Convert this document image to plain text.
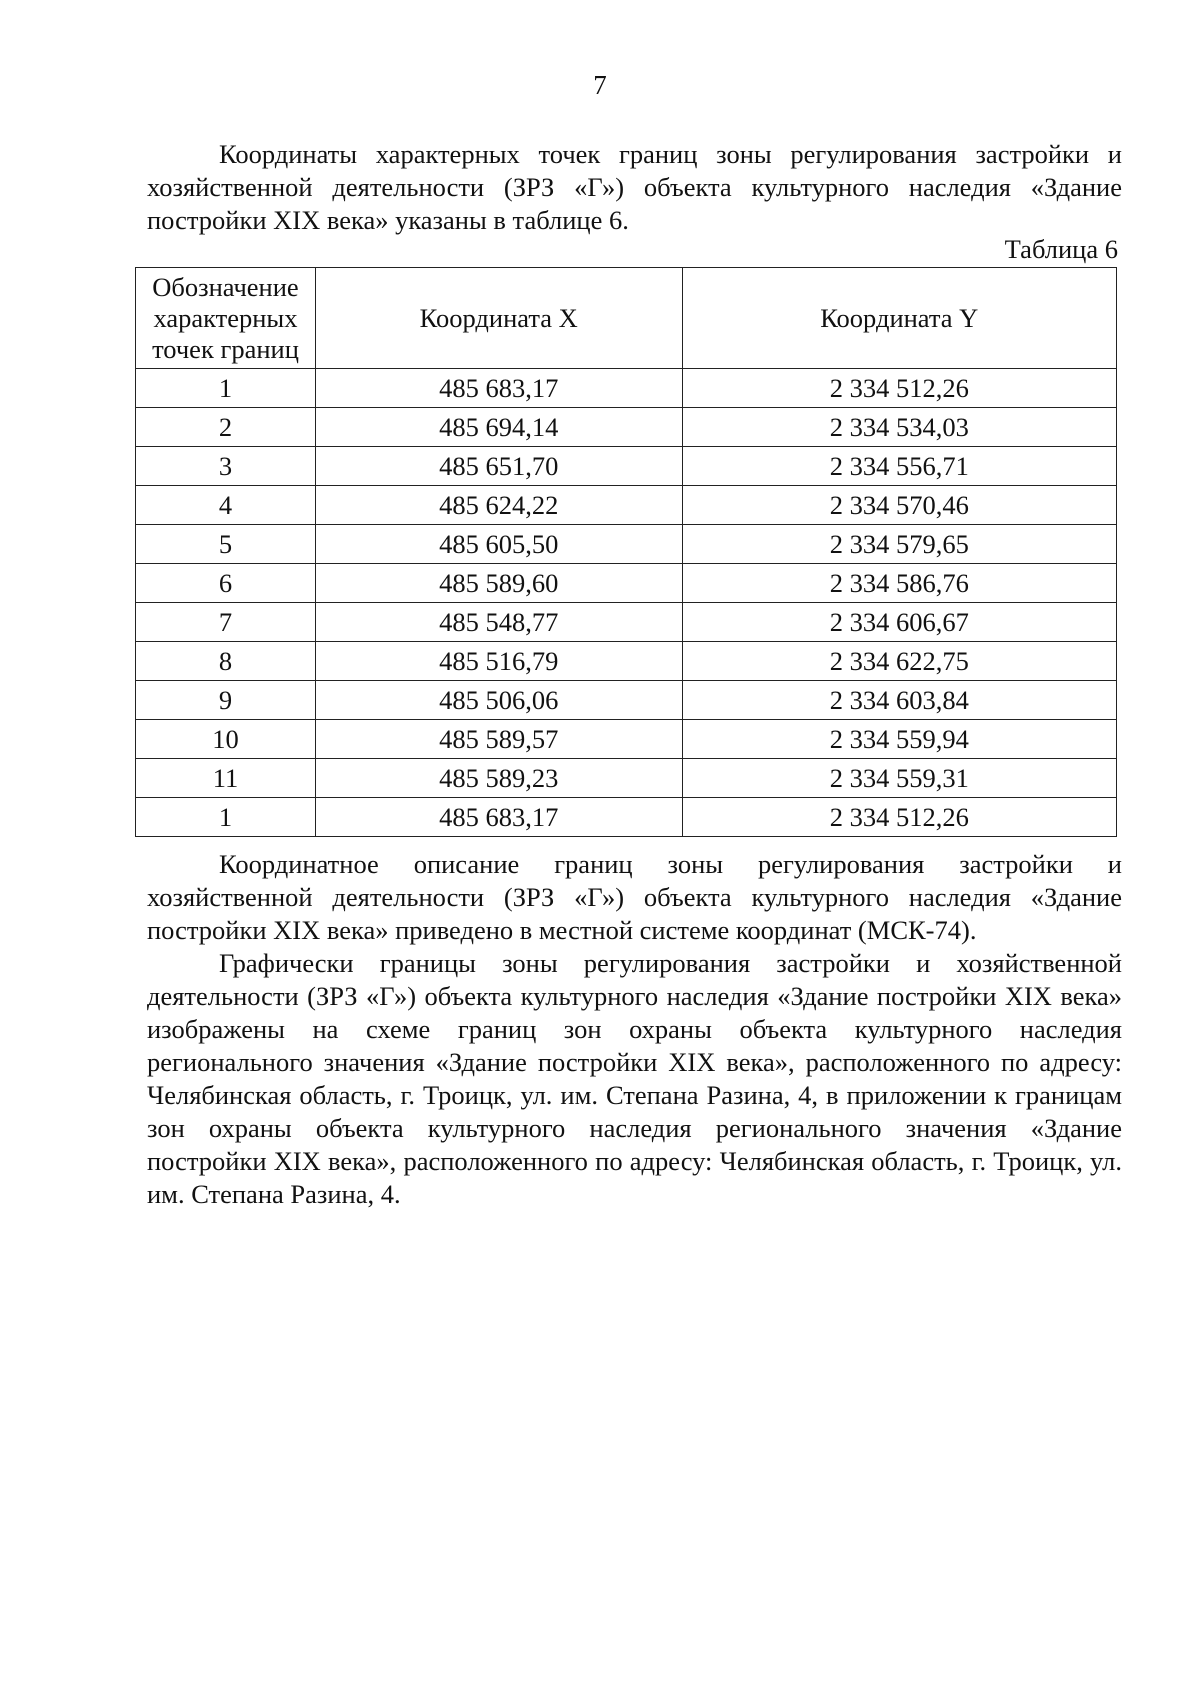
7

Координаты характерных точек границ зоны регулирования застройки и хозяйственной деятельности (ЗРЗ «Г») объекта культурного наследия «Здание постройки XIX века» указаны в таблице 6.

Таблица 6
Обозначение
характерных
точек границ	Координата X	Координата Y
1	485 683,17	2 334 512,26
2	485 694,14	2 334 534,03
3	485 651,70	2 334 556,71
4	485 624,22	2 334 570,46
5	485 605,50	2 334 579,65
6	485 589,60	2 334 586,76
7	485 548,77	2 334 606,67
8	485 516,79	2 334 622,75
9	485 506,06	2 334 603,84
10	485 589,57	2 334 559,94
11	485 589,23	2 334 559,31
1	485 683,17	2 334 512,26

Координатное описание границ зоны регулирования застройки и хозяйственной деятельности (ЗРЗ «Г») объекта культурного наследия «Здание постройки XIX века» приведено в местной системе координат (МСК-74).

Графически границы зоны регулирования застройки и хозяйственной деятельности (ЗРЗ «Г») объекта культурного наследия «Здание постройки XIX века» изображены на схеме границ зон охраны объекта культурного наследия регионального значения «Здание постройки XIX века», расположенного по адресу: Челябинская область, г. Троицк, ул. им. Степана Разина, 4, в приложении к границам зон охраны объекта культурного наследия регионального значения «Здание постройки XIX века», расположенного по адресу: Челябинская область, г. Троицк, ул. им. Степана Разина, 4.
